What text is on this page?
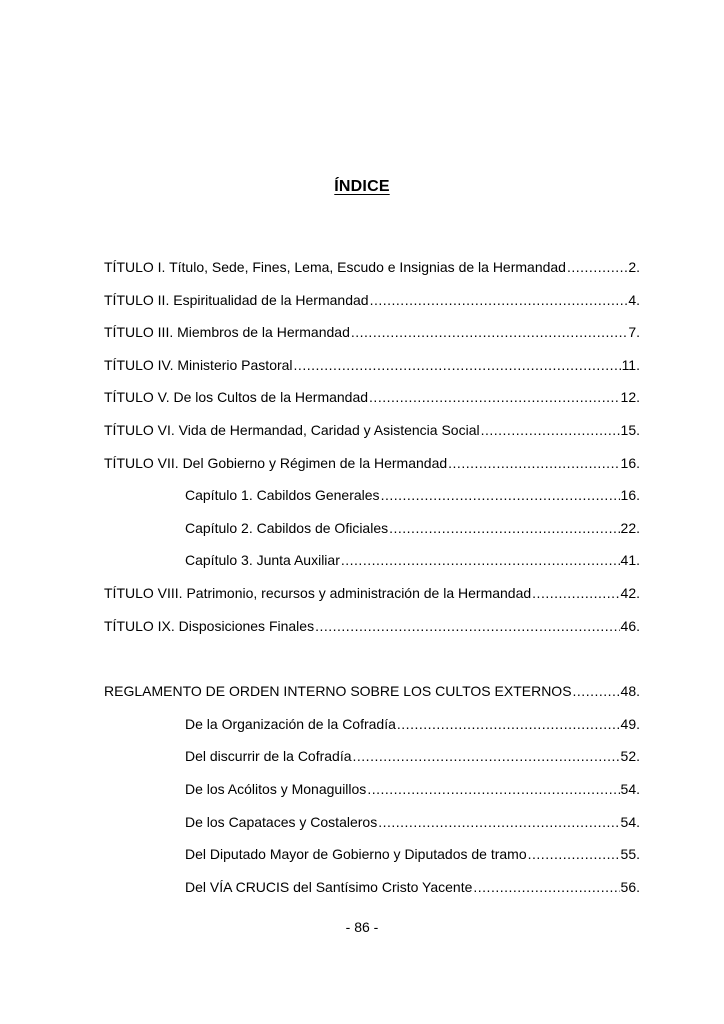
ÍNDICE
TÍTULO I. Título, Sede, Fines, Lema, Escudo e Insignias de la Hermandad .....	2.
TÍTULO II. Espiritualidad de la Hermandad .....	4.
TÍTULO III. Miembros de la Hermandad .....	7.
TÍTULO IV. Ministerio Pastoral .....	11.
TÍTULO V. De los Cultos de la Hermandad .....	12.
TÍTULO VI. Vida de Hermandad, Caridad y Asistencia Social .....	15.
TÍTULO VII. Del Gobierno y Régimen de la Hermandad .....	16.
Capítulo 1. Cabildos Generales .....	16.
Capítulo 2. Cabildos de Oficiales .....	22.
Capítulo 3. Junta Auxiliar .....	41.
TÍTULO VIII. Patrimonio, recursos y administración de la Hermandad .....	42.
TÍTULO IX. Disposiciones Finales .....	46.
REGLAMENTO DE ORDEN INTERNO SOBRE LOS CULTOS EXTERNOS .....	48.
De la Organización de la Cofradía .....	49.
Del discurrir de la Cofradía .....	52.
De los Acólitos y Monaguillos .....	54.
De los Capataces y Costaleros .....	54.
Del Diputado Mayor de Gobierno y Diputados de tramo .....	55.
Del VÍA CRUCIS del Santísimo Cristo Yacente .....	56.
- 86 -
